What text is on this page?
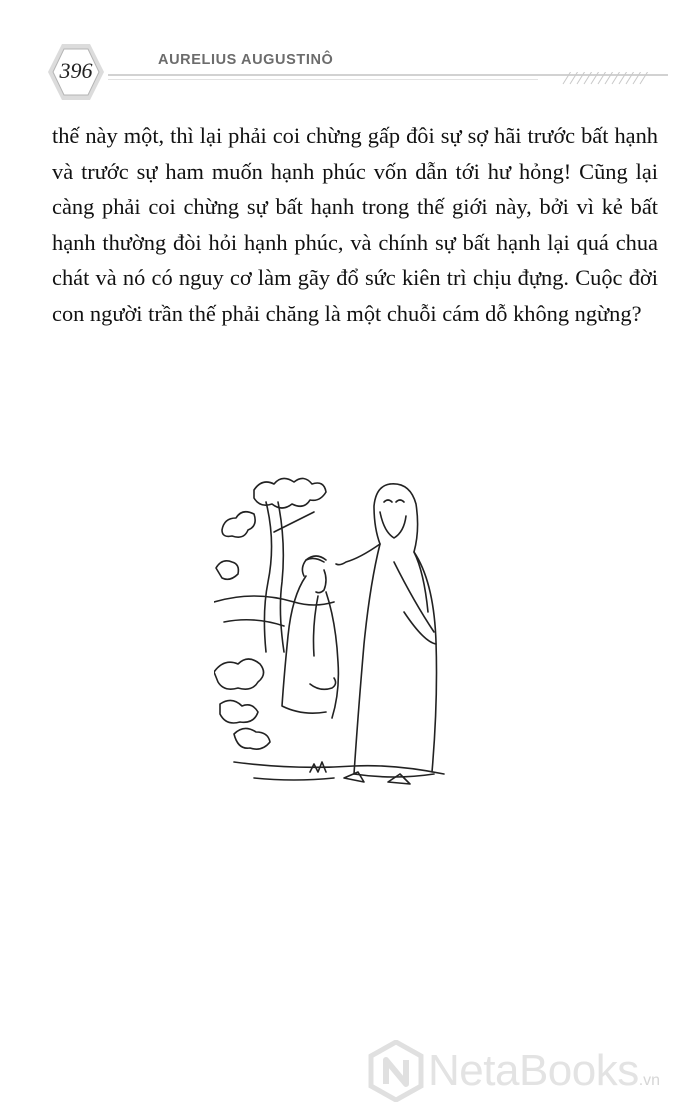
396	AURELIUS AUGUSTINÔ

thế này một, thì lại phải coi chừng gấp đôi sự sợ hãi trước bất hạnh và trước sự ham muốn hạnh phúc vốn dẫn tới hư hỏng! Cũng lại càng phải coi chừng sự bất hạnh trong thế giới này, bởi vì kẻ bất hạnh thường đòi hỏi hạnh phúc, và chính sự bất hạnh lại quá chua chát và nó có nguy cơ làm gãy đổ sức kiên trì chịu đựng. Cuộc đời con người trần thế phải chăng là một chuỗi cám dỗ không ngừng?

NetaBooks.vn
